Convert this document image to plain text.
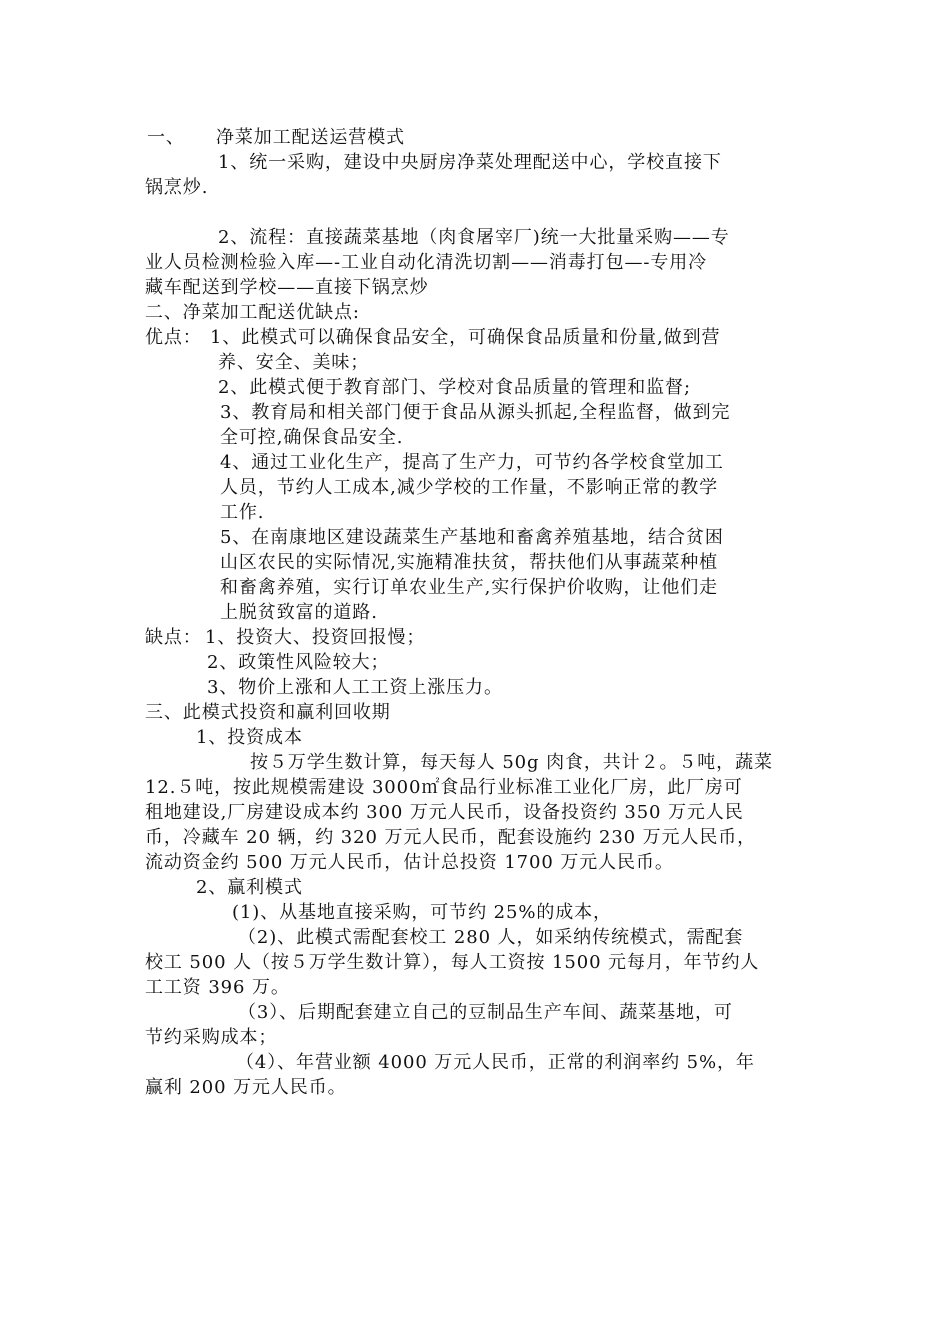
一、 净菜加工配送运营模式
1、统一采购，建设中央厨房净菜处理配送中心，学校直接下
锅烹炒.
2、流程：直接蔬菜基地（肉食屠宰厂)统一大批量采购——专
业人员检测检验入库—-工业自动化清洗切割——消毒打包—-专用冷
藏车配送到学校——直接下锅烹炒
二、净菜加工配送优缺点:
优点： 1、此模式可以确保食品安全，可确保食品质量和份量,做到营
养、安全、美味；
2、此模式便于教育部门、学校对食品质量的管理和监督;
3、教育局和相关部门便于食品从源头抓起,全程监督，做到完
全可控,确保食品安全.
4、通过工业化生产，提高了生产力，可节约各学校食堂加工
人员，节约人工成本,减少学校的工作量，不影响正常的教学
工作.
5、在南康地区建设蔬菜生产基地和畜禽养殖基地，结合贫困
山区农民的实际情况,实施精准扶贫，帮扶他们从事蔬菜种植
和畜禽养殖，实行订单农业生产,实行保护价收购，让他们走
上脱贫致富的道路.
缺点： 1、投资大、投资回报慢；
2、政策性风险较大；
3、物价上涨和人工工资上涨压力。
三、此模式投资和赢利回收期
1、投资成本
按５万学生数计算，每天每人 50g 肉食，共计２。５吨，蔬菜
12.５吨，按此规模需建设 3000㎡食品行业标准工业化厂房，此厂房可
租地建设,厂房建设成本约 300 万元人民币，设备投资约 350 万元人民
币，冷藏车 20 辆，约 320 万元人民币，配套设施约 230 万元人民币，
流动资金约 500 万元人民币，估计总投资 1700 万元人民币。
2、赢利模式
(1)、从基地直接采购，可节约 25%的成本，
（2)、此模式需配套校工 280 人，如采纳传统模式，需配套
校工 500 人（按５万学生数计算），每人工资按 1500 元每月，年节约人
工工资 396 万。
（3）、后期配套建立自己的豆制品生产车间、蔬菜基地，可
节约采购成本；
（4）、年营业额 4000 万元人民币，正常的利润率约 5%，年
赢利 200 万元人民币。
